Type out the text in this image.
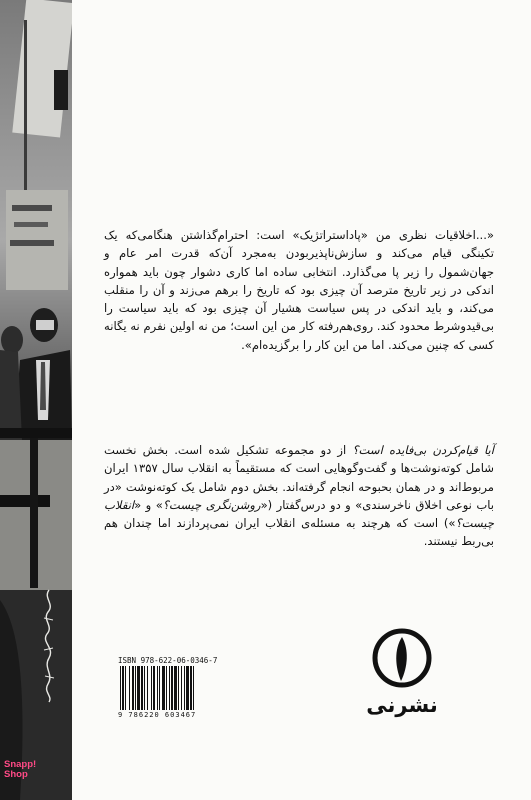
Snapp!
Shop

«...اخلاقیات نظری من «پادا‌ستراتژیک» است: احترام‌گذاشتن هنگامی‌که یک تکینگی قیام می‌کند و سازش‌ناپذیربودن به‌مجرد آن‌که قدرت امر عام و جهان‌شمول را زیر پا می‌گذارد. انتخابی ساده اما کاری دشوار چون باید همواره اندکی در زیر تاریخ مترصد آن چیزی بود که تاریخ را برهم می‌زند و آن را منقلب می‌کند، و باید اندکی در پس سیاست هشیار آن چیزی بود که باید سیاست را بی‌قیدوشرط محدود کند. روی‌هم‌رفته کار من این است؛ من نه اولین نفرم نه یگانه کسی که چنین می‌کند. اما من این کار را برگزیده‌ام».

آیا قیام‌کردن بی‌فایده است؟ از دو مجموعه تشکیل شده است. بخش نخست شامل کوته‌نوشت‌ها و گفت‌وگوهایی است که مستقیماً به انقلاب سال ۱۳۵۷ ایران مربوط‌اند و در همان بحبوحه انجام گرفته‌اند. بخش دوم شامل یک کوته‌نوشت «در باب نوعی اخلاق ناخرسندی» و دو درس‌گفتار («روشن‌نگری چیست؟» و «انقلاب چیست؟») است که هرچند به مسئله‌ی انقلاب ایران نمی‌پردازند اما چندان هم بی‌ربط نیستند.

ISBN 978-622-06-0346-7
9 786220 603467	نشرنی
